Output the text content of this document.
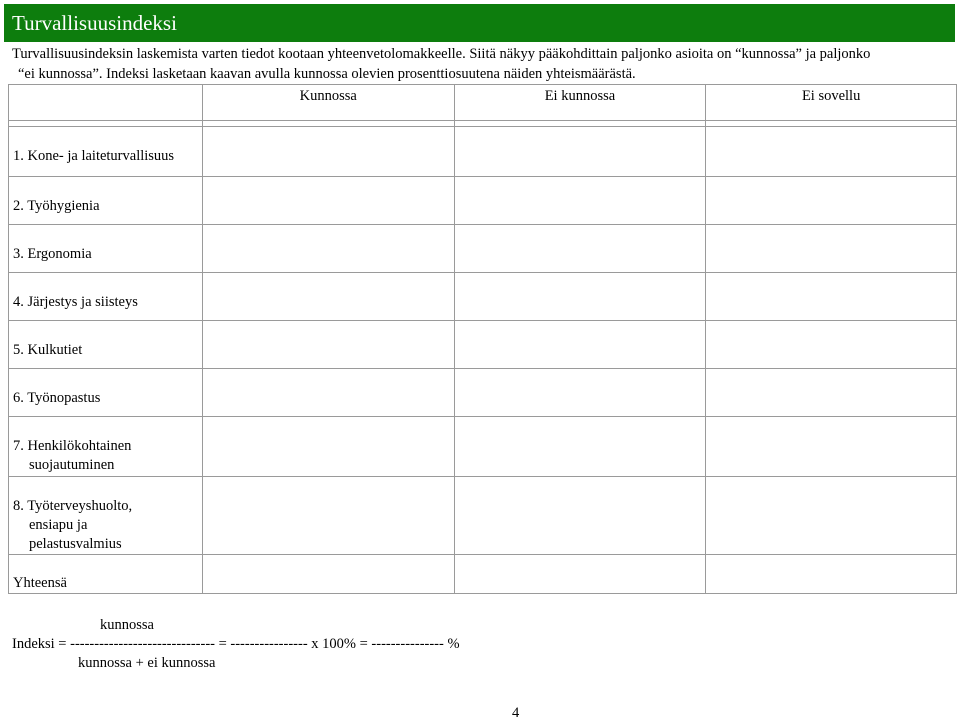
Turvallisuusindeksi
Turvallisuusindeksin laskemista varten tiedot kootaan yhteenvetolomakkeelle. Siitä näkyy pääkohdittain paljonko asioita on “kunnossa” ja paljonko
“ei kunnossa”. Indeksi lasketaan kaavan avulla kunnossa olevien prosenttiosuutena näiden yhteismäärästä.
	Kunnossa	Ei kunnossa	Ei sovellu

1. Kone- ja laiteturvallisuus			

2. Työhygienia			

3. Ergonomia			

4. Järjestys ja siisteys			

5. Kulkutiet			

6. Työnopastus			

7. Henkilökohtainen
suojautuminen			

8. Työterveyshuolto,
ensiapu ja
pelastusvalmius			

Yhteensä			

kunnossa
Indeksi = ------------------------------ = ---------------- x 100% = --------------- %
kunnossa + ei kunnossa
4
